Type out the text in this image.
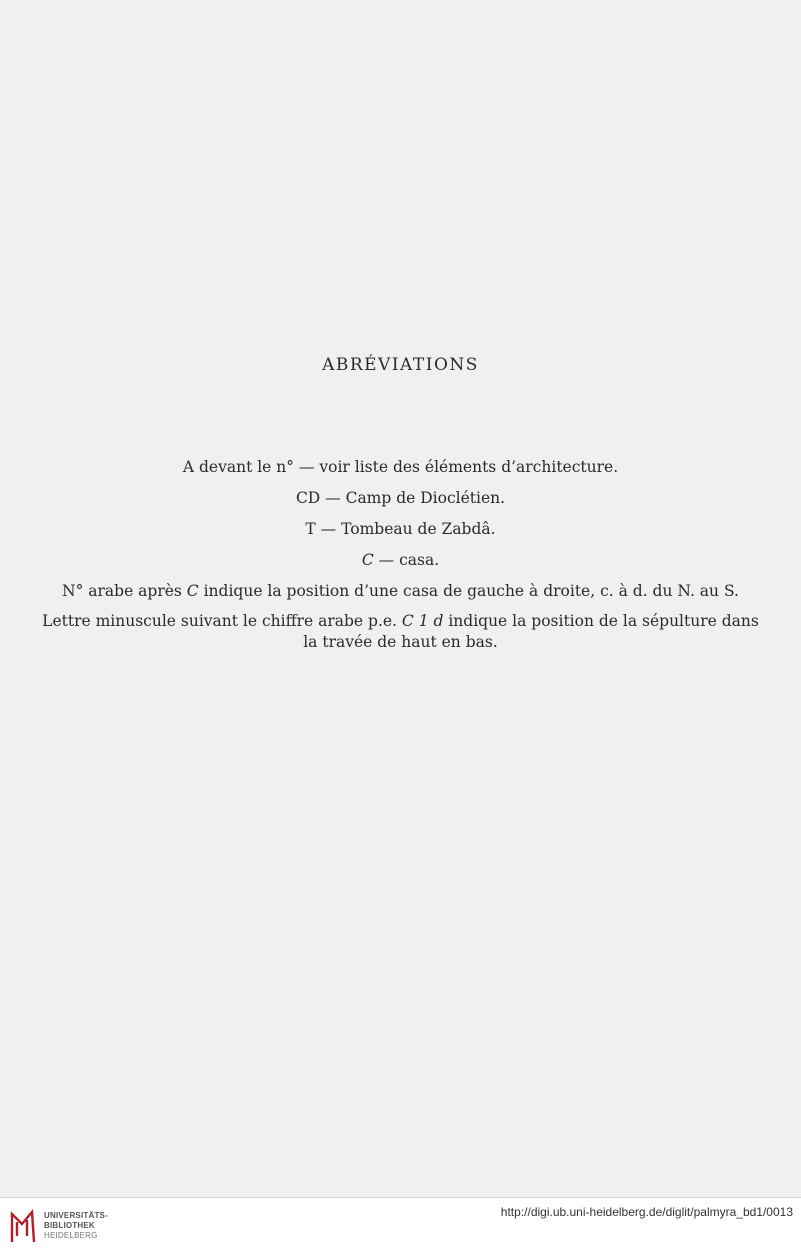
ABRÉVIATIONS
A devant le n° — voir liste des éléments d’architecture.
CD — Camp de Dioclétien.
T — Tombeau de Zabdâ.
C — casa.
N° arabe après C indique la position d’une casa de gauche à droite, c. à d. du N. au S.
Lettre minuscule suivant le chiffre arabe p.e. C 1 d indique la position de la sépulture dans
la travée de haut en bas.
UNIVERSITÄTS-
BIBLIOTHEK
HEIDELBERG
http://digi.ub.uni-heidelberg.de/diglit/palmyra_bd1/0013
